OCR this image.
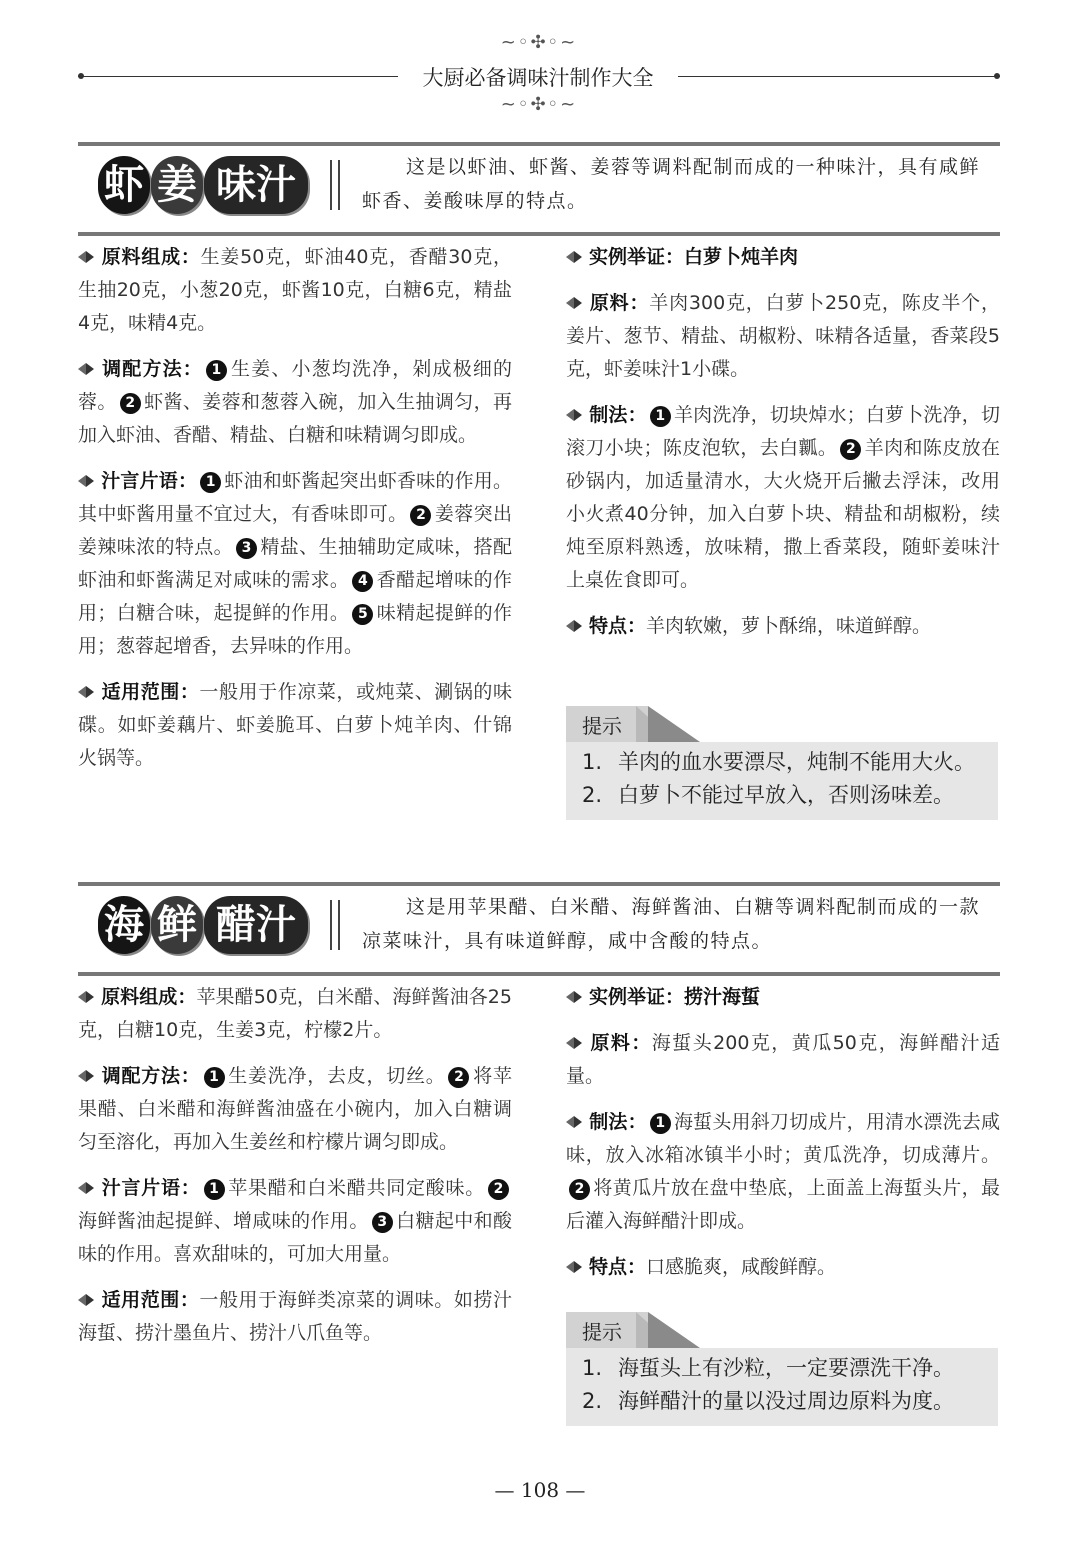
~◦✣◦~
大厨必备调味汁制作大全
~◦✣◦~
虾 姜 味汁	这是以虾油、虾酱、姜蓉等调料配制而成的一种味汁，具有咸鲜虾香、姜酸味厚的特点。

原料组成：生姜50克，虾油40克，香醋30克，生抽20克，小葱20克，虾酱10克，白糖6克，精盐4克，味精4克。

调配方法： 1 生姜、小葱均洗净，剁成极细的蓉。 2 虾酱、姜蓉和葱蓉入碗，加入生抽调匀，再加入虾油、香醋、精盐、白糖和味精调匀即成。

汁言片语： 1 虾油和虾酱起突出虾香味的作用。其中虾酱用量不宜过大，有香味即可。 2 姜蓉突出姜辣味浓的特点。 3 精盐、生抽辅助定咸味，搭配虾油和虾酱满足对咸味的需求。 4 香醋起增味的作用；白糖合味，起提鲜的作用。 5 味精起提鲜的作用；葱蓉起增香，去异味的作用。

适用范围：一般用于作凉菜，或炖菜、涮锅的味碟。如虾姜藕片、虾姜脆耳、白萝卜炖羊肉、什锦火锅等。

实例举证：白萝卜炖羊肉

原料：羊肉300克，白萝卜250克，陈皮半个，姜片、葱节、精盐、胡椒粉、味精各适量，香菜段5克，虾姜味汁1小碟。

制法： 1 羊肉洗净，切块焯水；白萝卜洗净，切滚刀小块；陈皮泡软，去白瓤。 2 羊肉和陈皮放在砂锅内，加适量清水，大火烧开后撇去浮沫，改用小火煮40分钟，加入白萝卜块、精盐和胡椒粉，续炖至原料熟透，放味精，撒上香菜段，随虾姜味汁上桌佐食即可。

特点：羊肉软嫩，萝卜酥绵，味道鲜醇。

提示
1. 羊肉的血水要漂尽，炖制不能用大火。
2. 白萝卜不能过早放入，否则汤味差。
海 鲜 醋汁	这是用苹果醋、白米醋、海鲜酱油、白糖等调料配制而成的一款凉菜味汁，具有味道鲜醇，咸中含酸的特点。

原料组成：苹果醋50克，白米醋、海鲜酱油各25克，白糖10克，生姜3克，柠檬2片。

调配方法： 1 生姜洗净，去皮，切丝。 2 将苹果醋、白米醋和海鲜酱油盛在小碗内，加入白糖调匀至溶化，再加入生姜丝和柠檬片调匀即成。

汁言片语： 1 苹果醋和白米醋共同定酸味。 2海鲜酱油起提鲜、增咸味的作用。 3 白糖起中和酸味的作用。喜欢甜味的，可加大用量。

适用范围：一般用于海鲜类凉菜的调味。如捞汁海蜇、捞汁墨鱼片、捞汁八爪鱼等。

实例举证：捞汁海蜇

原料：海蜇头200克，黄瓜50克，海鲜醋汁适量。

制法： 1 海蜇头用斜刀切成片，用清水漂洗去咸味，放入冰箱冰镇半小时；黄瓜洗净，切成薄片。2 将黄瓜片放在盘中垫底，上面盖上海蜇头片，最后灌入海鲜醋汁即成。

特点：口感脆爽，咸酸鲜醇。

提示
1. 海蜇头上有沙粒，一定要漂洗干净。
2. 海鲜醋汁的量以没过周边原料为度。
— 108 —
